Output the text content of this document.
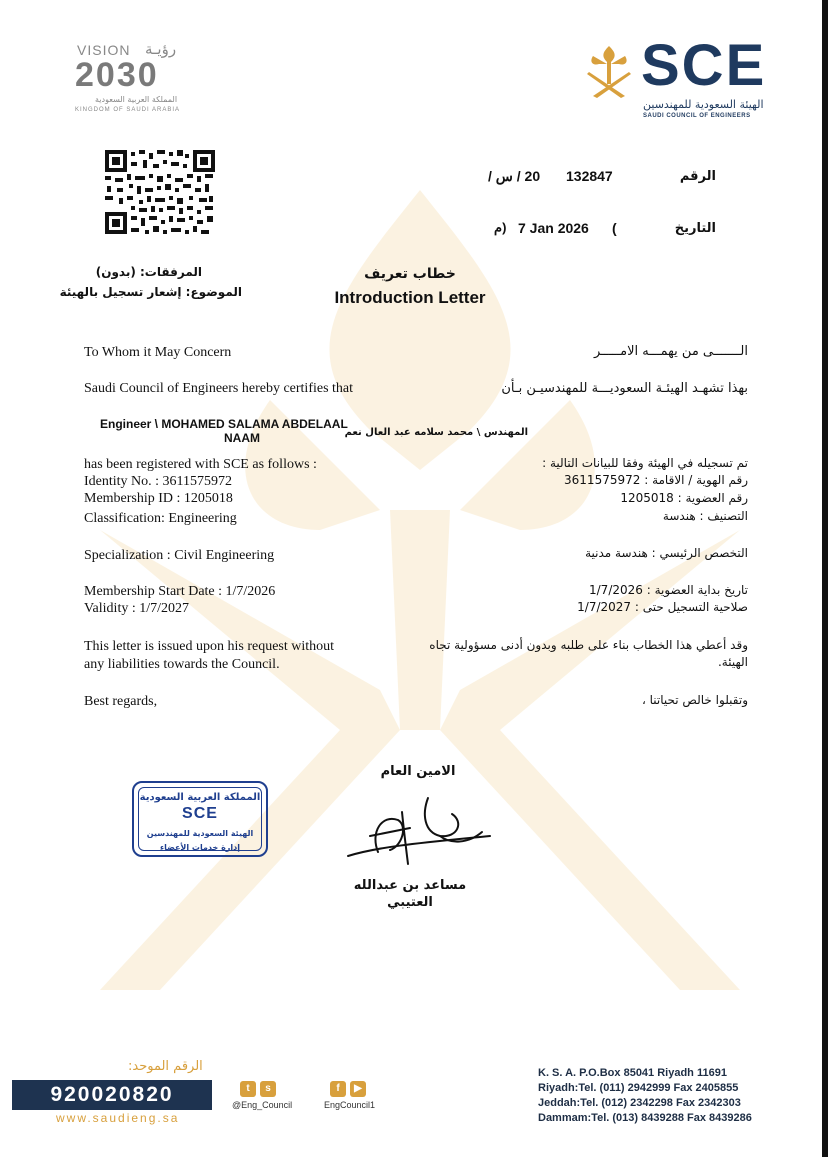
VISION رؤيـة
2030
المملكة العربية السعودية
KINGDOM OF SAUDI ARABIA
SCE
الهيئة السعودية للمهندسين
SAUDI COUNCIL OF ENGINEERS
الرقم
132847
20 / س /
التاريخ
(
7 Jan 2026
م)
المرفقات: (بدون)
الموضوع: إشعار تسجيل بالهيئة
خطاب تعريف
Introduction Letter
To Whom it May Concern
Saudi Council of Engineers hereby certifies that
Engineer \ MOHAMED SALAMA ABDELAAL
NAAM
has been registered with SCE as follows :
Identity No. : 3611575972
Membership ID : 1205018
Classification: Engineering
Specialization : Civil Engineering
Membership Start Date : 1/7/2026
Validity : 1/7/2027
This letter is issued upon his request without
any liabilities towards the Council.
Best regards,
الـــــــى من يهمـــه الامـــــر
بهذا تشهـد الهيئـة السعوديـــة للمهندسيـن بـأن
المهندس \ محمد سلامه عبد العال نعم
تم تسجيله في الهيئة وفقا للبيانات التالية :
رقم الهوية / الاقامة : 3611575972
رقم العضوية : 1205018
التصنيف : هندسة
التخصص الرئيسي : هندسة مدنية
تاريخ بداية العضوية : 1/7/2026
صلاحية التسجيل حتى : 1/7/2027
وقد أعطي هذا الخطاب بناء على طلبه وبدون أدنى مسؤولية تجاه الهيئة.
وتقبلوا خالص تحياتنا ،
الامين العام
مساعد بن عبدالله العتيبي
المملكة العربية السعودية
SCE
الهيئة السعودية للمهندسين
إدارة خدمات الأعضاء
الرقم الموحد:
920020820
www.saudieng.sa
t	s
@Eng_Council
f	▶
EngCouncil1
K. S. A. P.O.Box 85041 Riyadh 11691
Riyadh:Tel. (011) 2942999 Fax 2405855
Jeddah:Tel. (012) 2342298 Fax 2342303
Dammam:Tel. (013) 8439288 Fax 8439286
